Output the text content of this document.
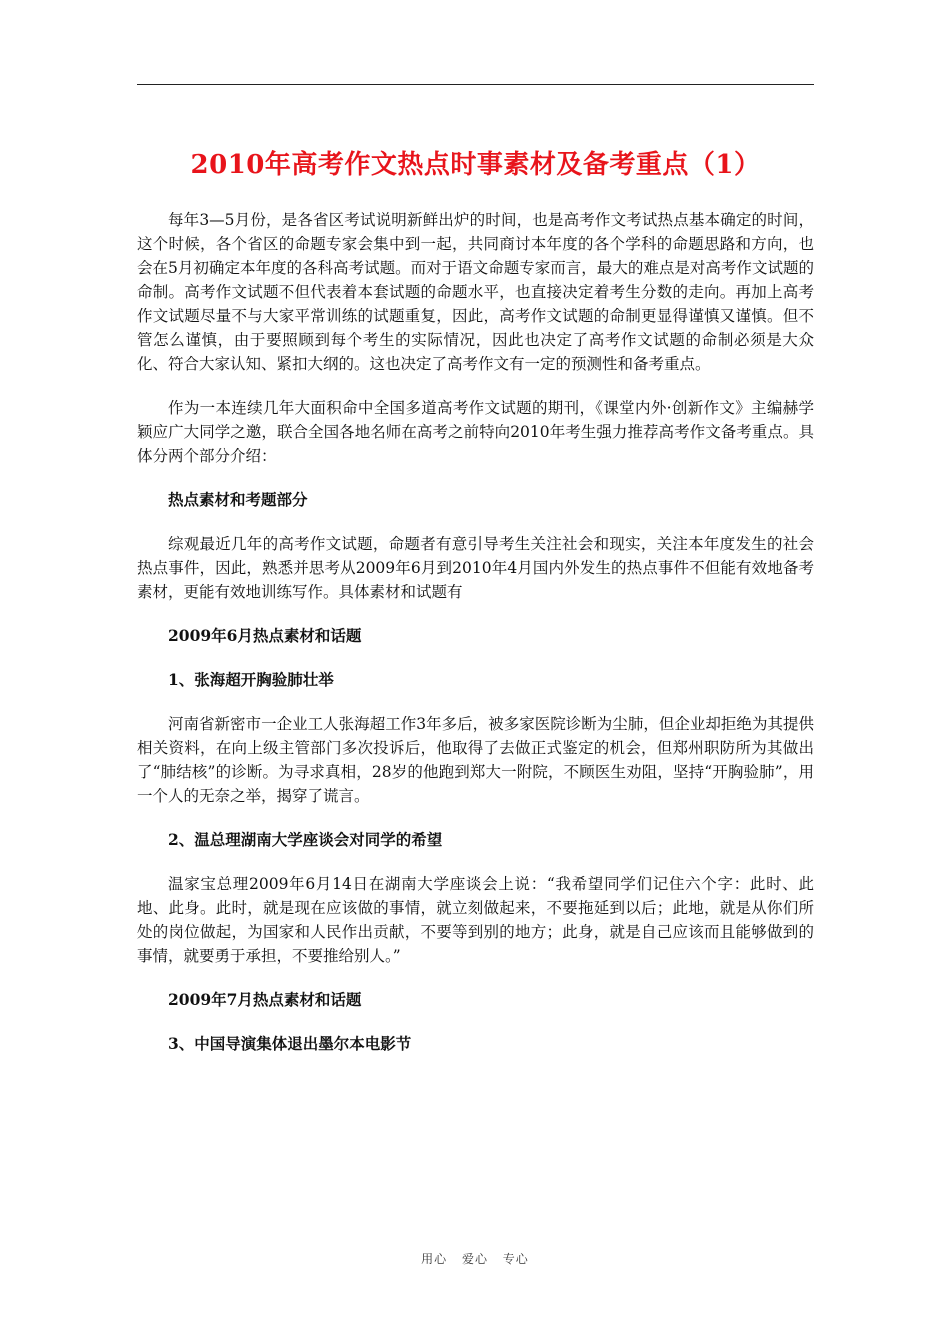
2010年高考作文热点时事素材及备考重点（1）

每年3—5月份，是各省区考试说明新鲜出炉的时间，也是高考作文考试热点基本确定的时间，这个时候，各个省区的命题专家会集中到一起，共同商讨本年度的各个学科的命题思路和方向，也会在5月初确定本年度的各科高考试题。而对于语文命题专家而言，最大的难点是对高考作文试题的命制。高考作文试题不但代表着本套试题的命题水平，也直接决定着考生分数的走向。再加上高考作文试题尽量不与大家平常训练的试题重复，因此，高考作文试题的命制更显得谨慎又谨慎。但不管怎么谨慎，由于要照顾到每个考生的实际情况，因此也决定了高考作文试题的命制必须是大众化、符合大家认知、紧扣大纲的。这也决定了高考作文有一定的预测性和备考重点。

作为一本连续几年大面积命中全国多道高考作文试题的期刊，《课堂内外·创新作文》主编赫学颖应广大同学之邀，联合全国各地名师在高考之前特向2010年考生强力推荐高考作文备考重点。具体分两个部分介绍：

热点素材和考题部分

综观最近几年的高考作文试题，命题者有意引导考生关注社会和现实，关注本年度发生的社会热点事件，因此，熟悉并思考从2009年6月到2010年4月国内外发生的热点事件不但能有效地备考素材，更能有效地训练写作。具体素材和试题有

2009年6月热点素材和话题

1、张海超开胸验肺壮举

河南省新密市一企业工人张海超工作3年多后，被多家医院诊断为尘肺，但企业却拒绝为其提供相关资料，在向上级主管部门多次投诉后，他取得了去做正式鉴定的机会，但郑州职防所为其做出了“肺结核”的诊断。为寻求真相，28岁的他跑到郑大一附院，不顾医生劝阻，坚持“开胸验肺”，用一个人的无奈之举，揭穿了谎言。

2、温总理湖南大学座谈会对同学的希望

温家宝总理2009年6月14日在湖南大学座谈会上说：“我希望同学们记住六个字：此时、此地、此身。此时，就是现在应该做的事情，就立刻做起来，不要拖延到以后；此地，就是从你们所处的岗位做起，为国家和人民作出贡献，不要等到别的地方；此身，就是自己应该而且能够做到的事情，就要勇于承担，不要推给别人。”

2009年7月热点素材和话题

3、中国导演集体退出墨尔本电影节

用心 爱心 专心
